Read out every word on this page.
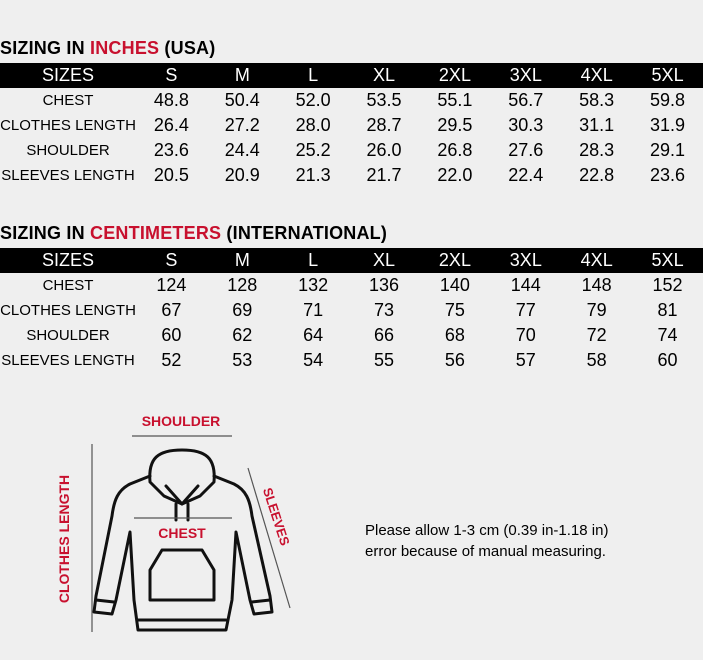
SIZING IN INCHES (USA)
SIZES	S	M	L	XL	2XL	3XL	4XL	5XL
CHEST	48.8	50.4	52.0	53.5	55.1	56.7	58.3	59.8
CLOTHES LENGTH	26.4	27.2	28.0	28.7	29.5	30.3	31.1	31.9
SHOULDER	23.6	24.4	25.2	26.0	26.8	27.6	28.3	29.1
SLEEVES LENGTH	20.5	20.9	21.3	21.7	22.0	22.4	22.8	23.6
SIZING IN CENTIMETERS (INTERNATIONAL)
SIZES	S	M	L	XL	2XL	3XL	4XL	5XL
CHEST	124	128	132	136	140	144	148	152
CLOTHES LENGTH	67	69	71	73	75	77	79	81
SHOULDER	60	62	64	66	68	70	72	74
SLEEVES LENGTH	52	53	54	55	56	57	58	60
SHOULDER
CLOTHES LENGTH	SLEEVES
CHEST	Please allow 1-3 cm (0.39 in-1.18 in)
error because of manual measuring.
